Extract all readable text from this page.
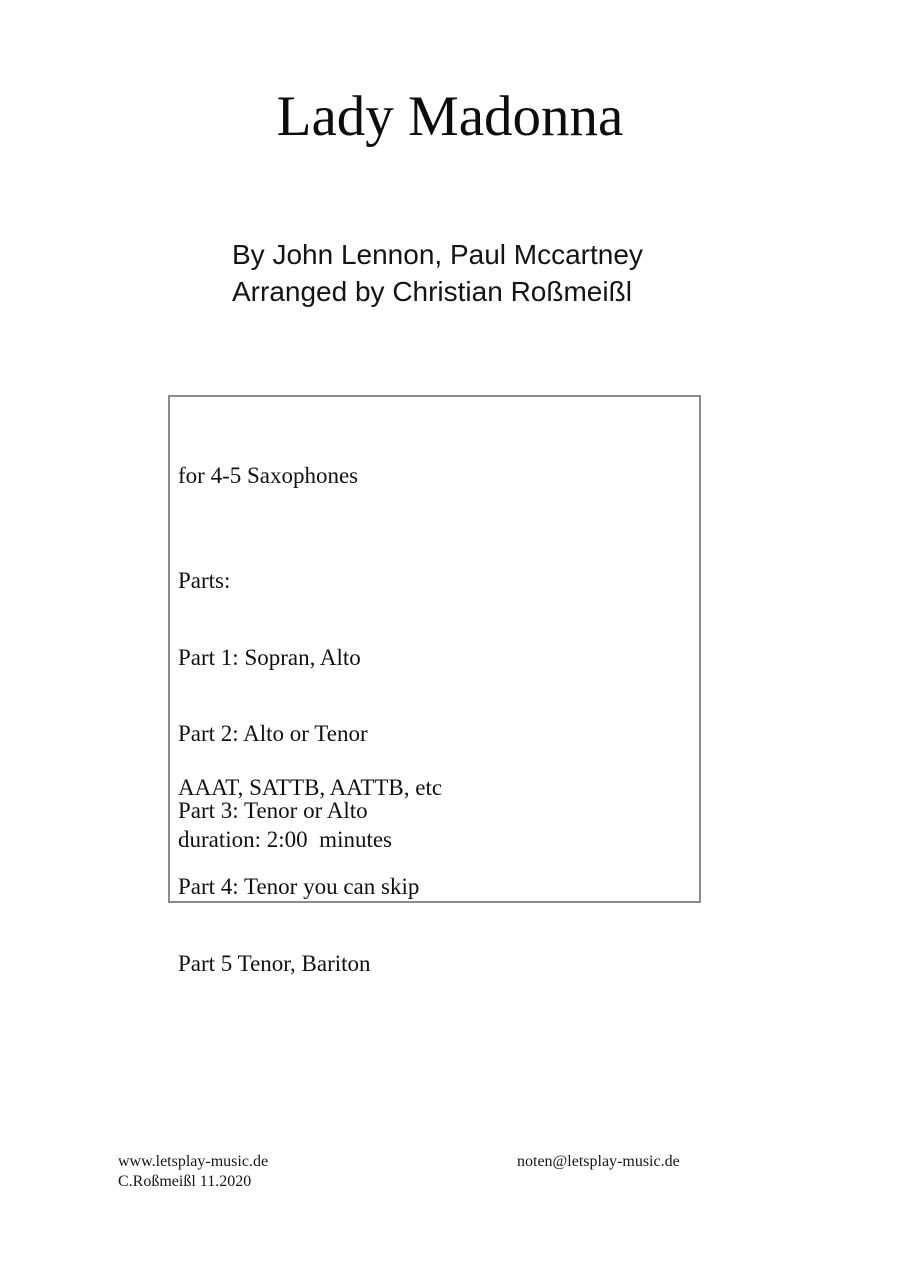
Lady Madonna
By John Lennon, Paul Mccartney
Arranged by Christian Roßmeißl
for 4-5 Saxophones

Parts:

Part 1: Sopran, Alto

Part 2: Alto or Tenor

Part 3: Tenor or Alto

Part 4: Tenor you can skip

Part 5 Tenor, Bariton

AAAT, SATTB, AATTB, etc
duration: 2:00  minutes
www.letsplay-music.de
C.Roßmeißl 11.2020
noten@letsplay-music.de
